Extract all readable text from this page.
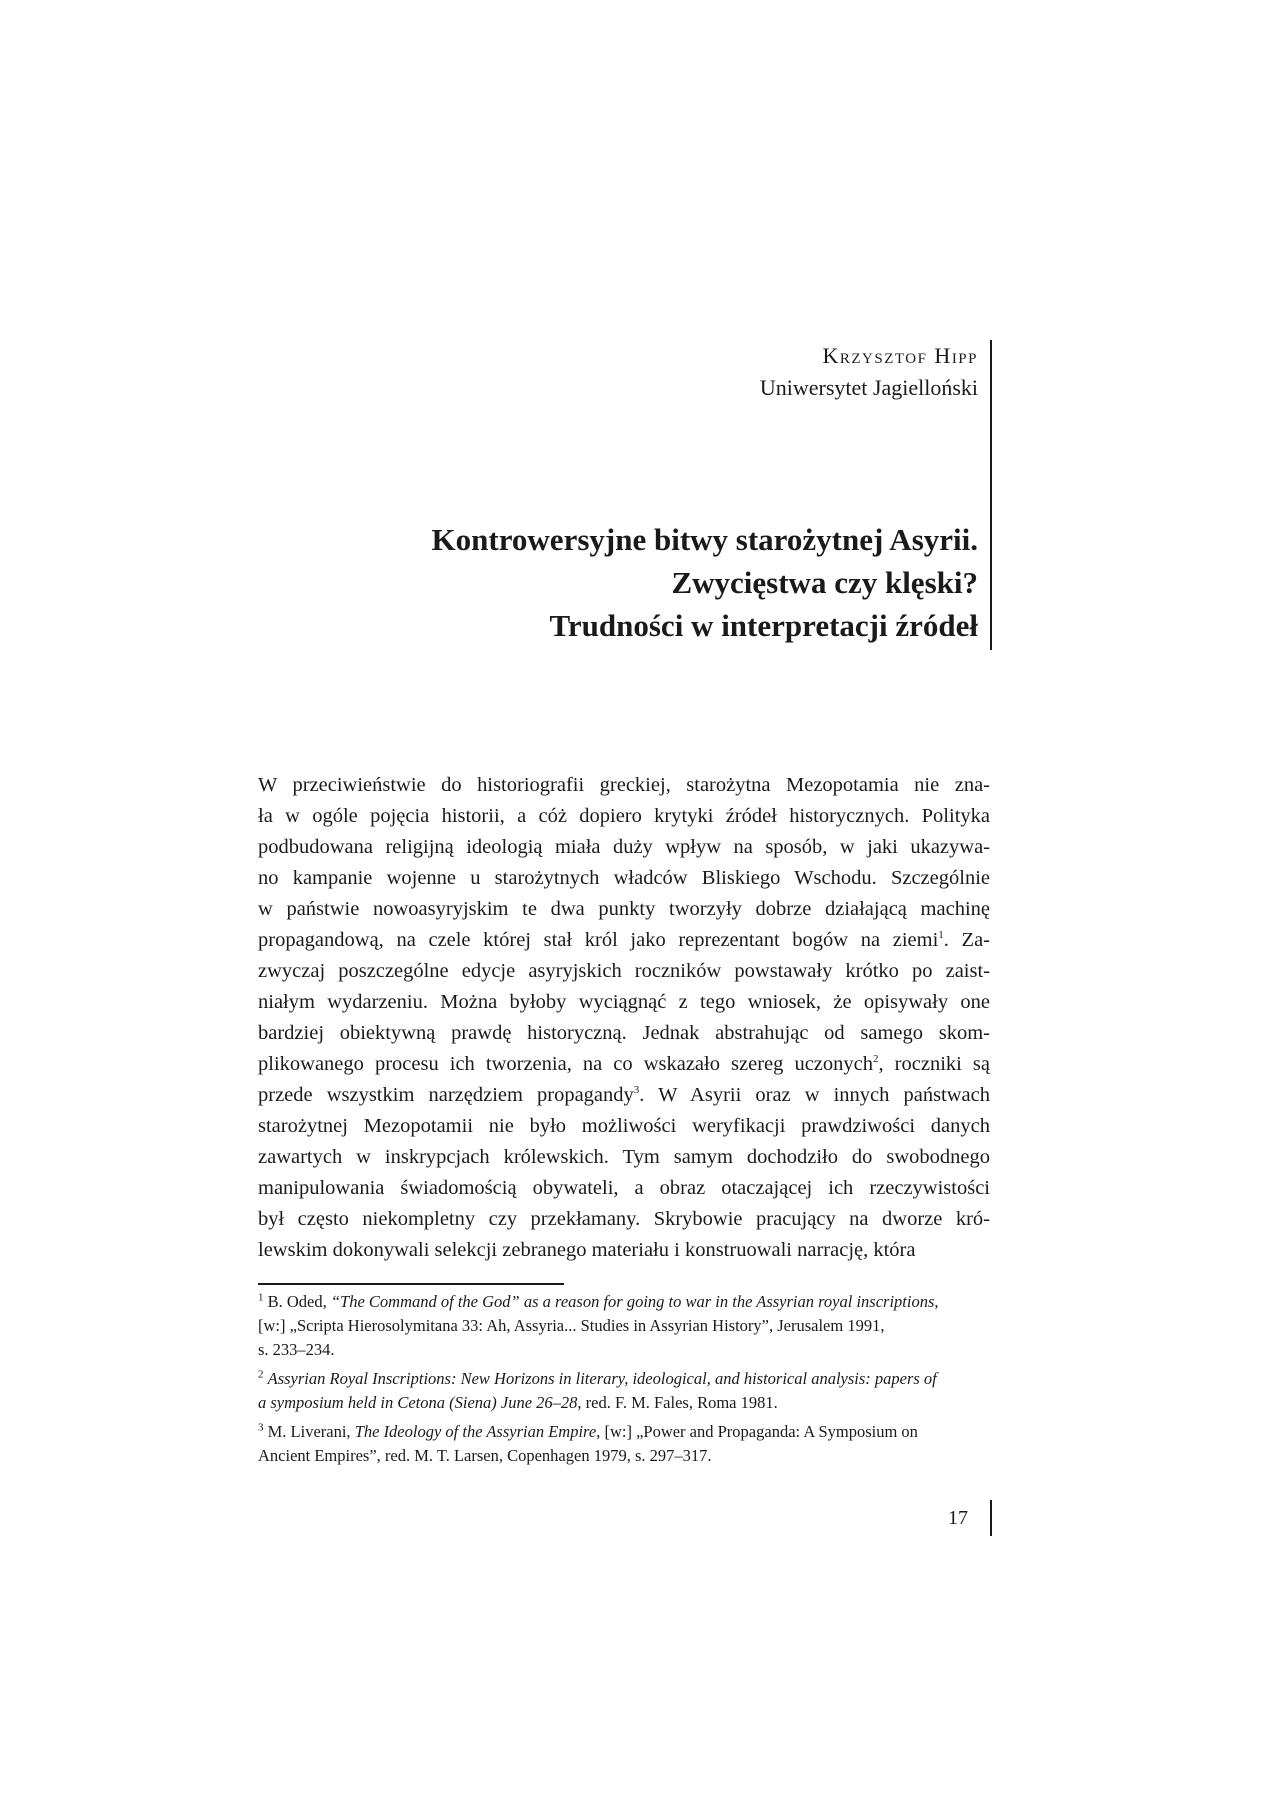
Krzysztof Hipp
Uniwersytet Jagielloński
Kontrowersyjne bitwy starożytnej Asyrii.
Zwycięstwa czy klęski?
Trudności w interpretacji źródeł
W przeciwieństwie do historiografii greckiej, starożytna Mezopotamia nie zna-
ła w ogóle pojęcia historii, a cóż dopiero krytyki źródeł historycznych. Polityka
podbudowana religijną ideologią miała duży wpływ na sposób, w jaki ukazywa-
no kampanie wojenne u starożytnych władców Bliskiego Wschodu. Szczególnie
w państwie nowoasyryjskim te dwa punkty tworzyły dobrze działającą machinę
propagandową, na czele której stał król jako reprezentant bogów na ziemi$^1$. Za-
zwyczaj poszczególne edycje asyryjskich roczników powstawały krótko po zaist-
niałym wydarzeniu. Można byłoby wyciągnąć z tego wniosek, że opisywały one
bardziej obiektywną prawdę historyczną. Jednak abstrahując od samego skom-
plikowanego procesu ich tworzenia, na co wskazało szereg uczonych$^2$, roczniki są
przede wszystkim narzędziem propagandy$^3$. W Asyrii oraz w innych państwach
starożytnej Mezopotamii nie było możliwości weryfikacji prawdziwości danych
zawartych w inskrypcjach królewskich. Tym samym dochodziło do swobodnego
manipulowania świadomością obywateli, a obraz otaczającej ich rzeczywistości
był często niekompletny czy przekłamany. Skrybowie pracujący na dworze kró-
lewskim dokonywali selekcji zebranego materiału i konstruowali narrację, która
$^1$ B. Oded, “The Command of the God” as a reason for going to war in the Assyrian royal inscriptions,
[w:] „Scripta Hierosolymitana 33: Ah, Assyria... Studies in Assyrian History”, Jerusalem 1991,
s. 233–234.
$^2$ Assyrian Royal Inscriptions: New Horizons in literary, ideological, and historical analysis: papers of
a symposium held in Cetona (Siena) June 26–28, red. F. M. Fales, Roma 1981.
$^3$ M. Liverani, The Ideology of the Assyrian Empire, [w:] „Power and Propaganda: A Symposium on
Ancient Empires”, red. M. T. Larsen, Copenhagen 1979, s. 297–317.
17
